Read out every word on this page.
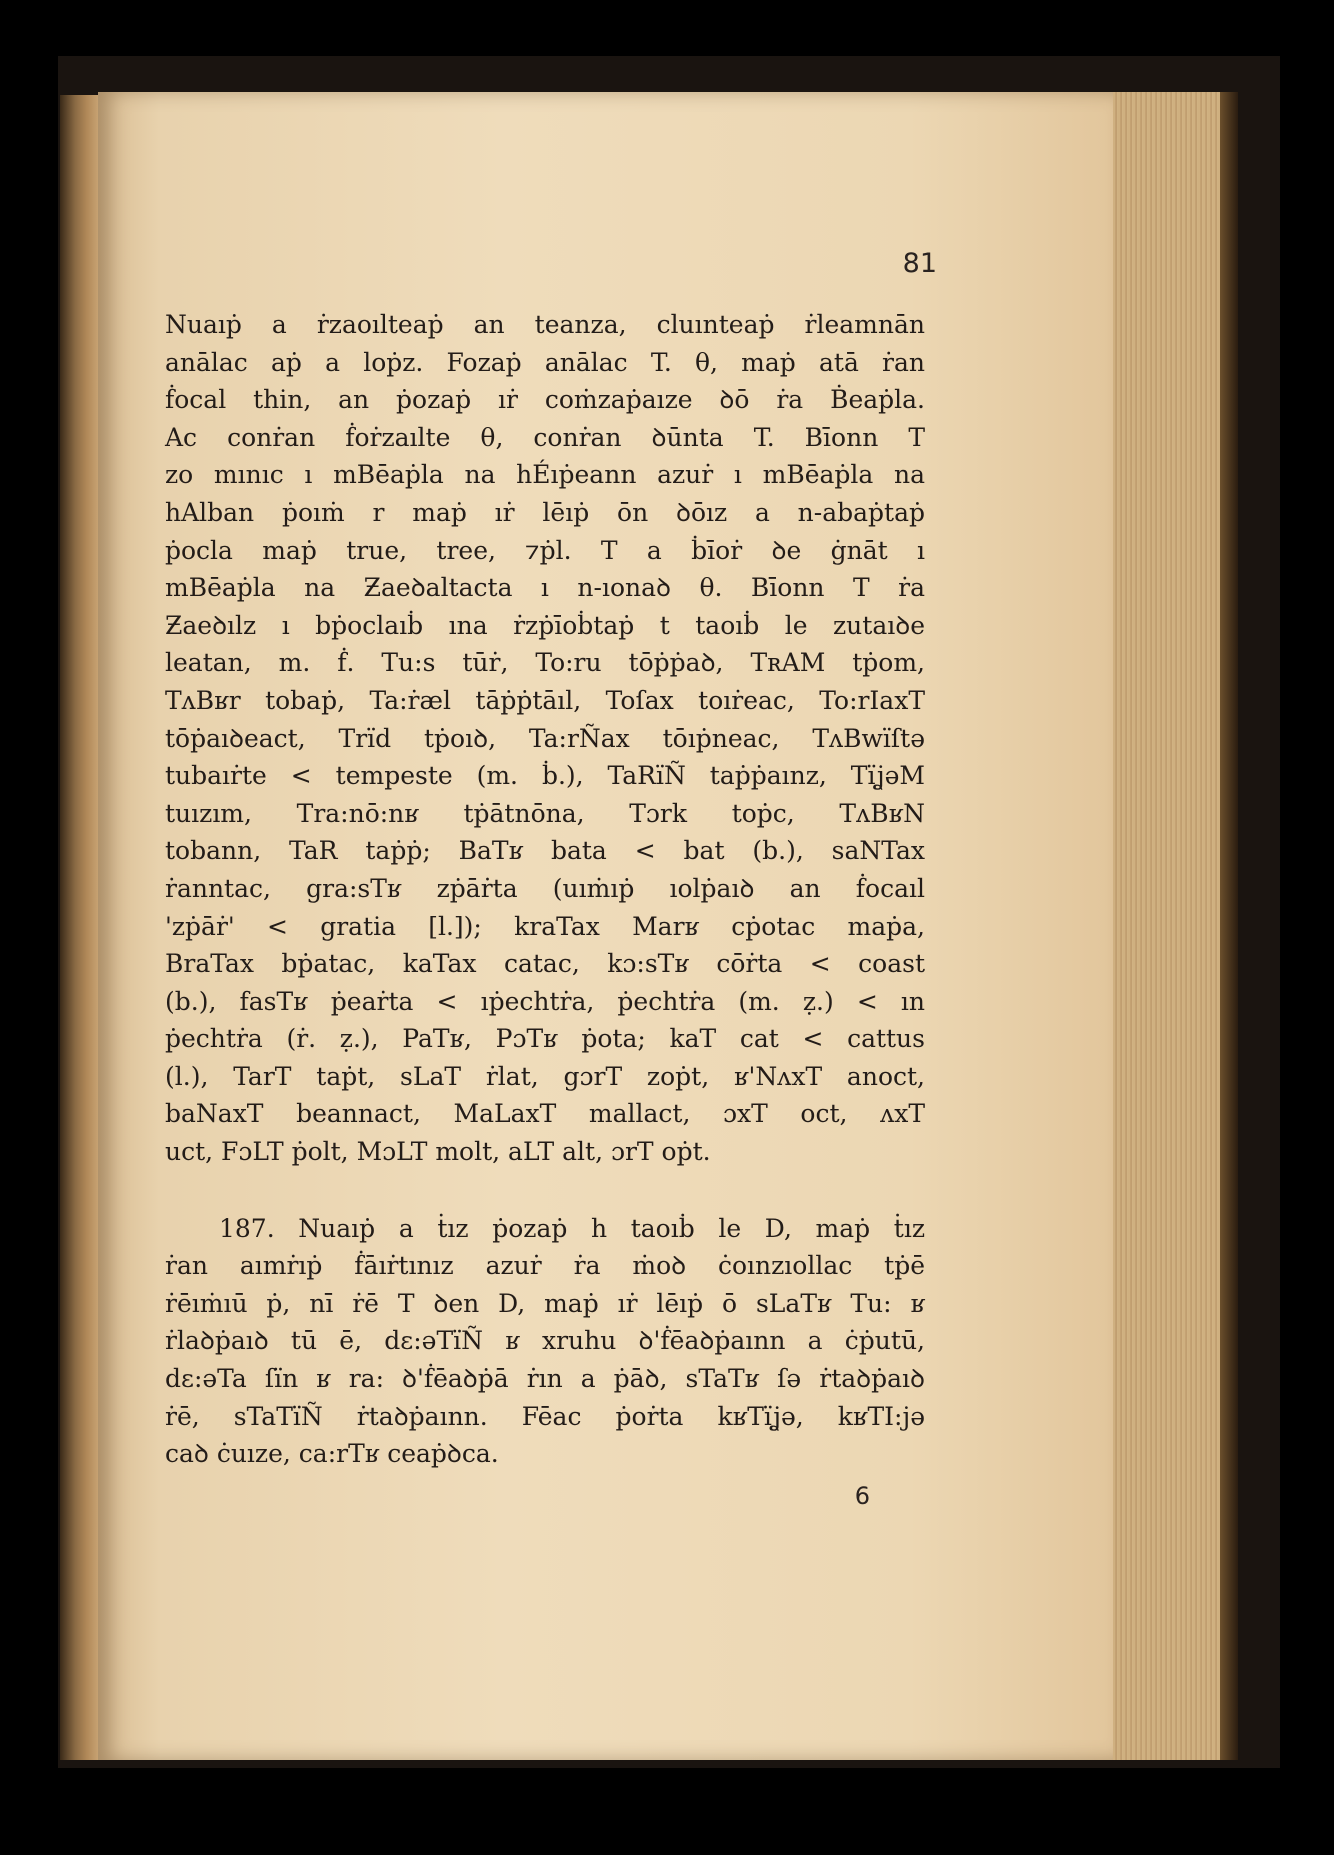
81
Nuaıṗ a ṙzaoılteaṗ an teanza, cluınteaṗ ṙleamnān
anālac aṗ a loṗz. Fozaṗ anālac T. θ, maṗ atā ṙan
ḟocal thin, an ṗozaṗ ıṙ coṁzaṗaıze ꝺō ṙa Ḃeaṗla.
Ac conṙan ḟoṙzaılte θ, conṙan ꝺūnta T. Bīonn T
zo mınıc ı mBēaṗla na hÉıṗeann azuṙ ı mBēaṗla na
hAlban ṗoıṁ r maṗ ıṙ lēıṗ ōn ꝺōız a n-abaṗtaṗ
ṗocla maṗ true, tree, ⁊ṗl. T a ḃīoṙ ꝺe ġnāt ı
mBēaṗla na Ƶaeꝺaltacta ı n-ıonaꝺ θ. Bīonn T ṙa
Ƶaeꝺılz ı bṗoclaıḃ ına ṙzṗīoḃtaṗ t taoıḃ le zutaıꝺe
leatan, m. ḟ. Tu:s tūṙ, To:ru tōṗṗaꝺ, TʀAM tṗom,
TʌBʁr tobaṗ, Ta:ṙæl tāṗṗtāıl, Toſax toıṙeac, To:rIaxT
tōṗaıꝺeact, Trïd tṗoıꝺ, Ta:rÑax tōıṗneac, TʌBwïſtə
tubaıṙte < tempeste (m. ḃ.), TaRïÑ taṗṗaınz, TïʝəM
tuızım, Tra:nō:nʁ tṗātnōna, Tɔrk toṗc, TʌBʁN
tobann, TaR taṗṗ; BaTʁ bata < bat (b.), saNTax
ṙanntac, gra:sTʁ zṗāṙta (uıṁıṗ ıolṗaıꝺ an ḟocaıl
'zṗāṙ' < gratia [l.]); kraTax Marʁ cṗotac maṗa,
BraTax bṗatac, kaTax catac, kɔ:sTʁ cōṙta < coast
(b.), fasTʁ ṗeaṙta < ıṗechtṙa, ṗechtṙa (m. ẓ.) < ın
ṗechtṙa (ṙ. ẓ.), PaTʁ, PɔTʁ ṗota; kaT cat < cattus
(l.), TarT taṗt, sLaT ṙlat, gɔrT zoṗt, ʁ'NʌxT anoct,
baNaxT beannact, MaLaxT mallact, ɔxT oct, ʌxT
uct, FɔLT ṗolt, MɔLT molt, aLT alt, ɔrT oṗt.
187. Nuaıṗ a ṫız ṗozaṗ h taoıḃ le D, maṗ ṫız
ṙan aımṙıṗ ḟāıṙtınız azuṙ ṙa ṁoꝺ ċoınzıollac tṗē
ṙēıṁıū ṗ, nī ṙē T ꝺen D, maṗ ıṙ lēıṗ ō sLaTʁ Tu: ʁ
ṙlaꝺṗaıꝺ tū ē, dɛ:əTïÑ ʁ xruhu ꝺ'ḟēaꝺṗaınn a ċṗutū,
dɛ:əTa ſïn ʁ ra: ꝺ'ḟēaꝺṗā ṙın a ṗāꝺ, sTaTʁ ſə ṙtaꝺṗaıꝺ
ṙē, sTaTïÑ ṙtaꝺṗaınn. Fēac ṗoṙta kʁTïʝə, kʁTI:jə
caꝺ ċuıze, ca:rTʁ ceaṗꝺca.
6
